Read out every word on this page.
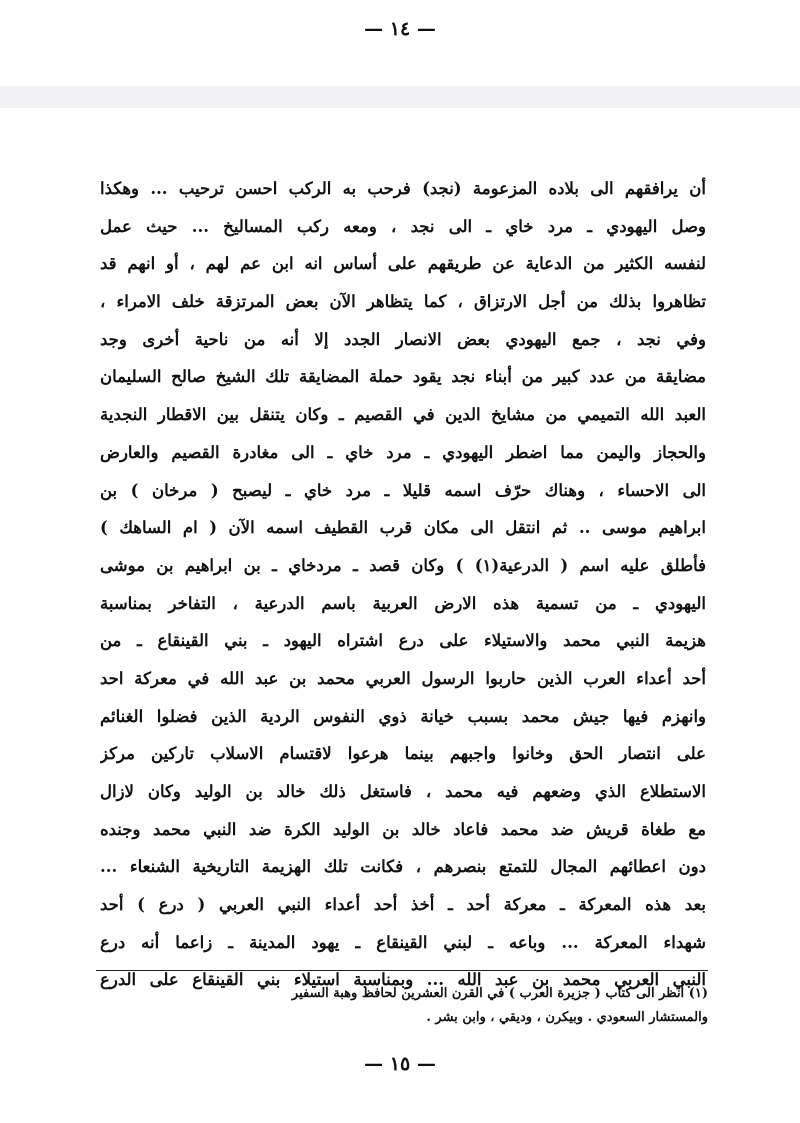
— ١٤ —
أن يرافقهم الى بلاده المزعومة (نجد) فرحب به الركب احسن ترحيب ... وهكذا
وصل اليهودي ـ مرد خاي ـ الى نجد ، ومعه ركب المساليخ ... حيث عمل
لنفسه الكثير من الدعاية عن طريقهم على أساس انه ابن عم لهم ، أو انهم قد
تظاهروا بذلك من أجل الارتزاق ، كما يتظاهر الآن بعض المرتزقة خلف الامراء ،
وفي نجد ، جمع اليهودي بعض الانصار الجدد إلا أنه من ناحية أخرى وجد
مضايقة من عدد كبير من أبناء نجد يقود حملة المضايقة تلك الشيخ صالح السليمان
العبد الله التميمي من مشايخ الدين في القصيم ـ وكان يتنقل بين الاقطار النجدية
والحجاز واليمن مما اضطر اليهودي ـ مرد خاي ـ الى مغادرة القصيم والعارض
الى الاحساء ، وهناك حرّف اسمه قليلا ـ مرد خاي ـ ليصبح ( مرخان ) بن
ابراهيم موسى .. ثم انتقل الى مكان قرب القطيف اسمه الآن ( ام الساهك )
فأطلق عليه اسم ( الدرعية(١) ) وكان قصد ـ مردخاي ـ بن ابراهيم بن موشى
اليهودي ـ من تسمية هذه الارض العربية باسم الدرعية ، التفاخر بمناسبة
هزيمة النبي محمد والاستيلاء على درع اشتراه اليهود ـ بني القينقاع ـ من
أحد أعداء العرب الذين حاربوا الرسول العربي محمد بن عبد الله في معركة احد
وانهزم فيها جيش محمد بسبب خيانة ذوي النفوس الردية الذين فضلوا الغنائم
على انتصار الحق وخانوا واجبهم بينما هرعوا لاقتسام الاسلاب تاركين مركز
الاستطلاع الذي وضعهم فيه محمد ، فاستغل ذلك خالد بن الوليد وكان لازال
مع طغاة قريش ضد محمد فاعاد خالد بن الوليد الكرة ضد النبي محمد وجنده
دون اعطائهم المجال للتمتع بنصرهم ، فكانت تلك الهزيمة التاريخية الشنعاء ...
بعد هذه المعركة ـ معركة أحد ـ أخذ أحد أعداء النبي العربي ( درع ) أحد
شهداء المعركة ... وباعه ـ لبني القينقاع ـ يهود المدينة ـ زاعما أنه درع
النبي العربي محمد بن عبد الله ... وبمناسبة استيلاء بني القينقاع على الدرع
(١) انظر الى كتاب ( جزيرة العرب ) في القرن العشرين لحافظ وهبة السفير
والمستشار السعودي . وبيكرن ، وديقي ، وابن بشر .
— ١٥ —
